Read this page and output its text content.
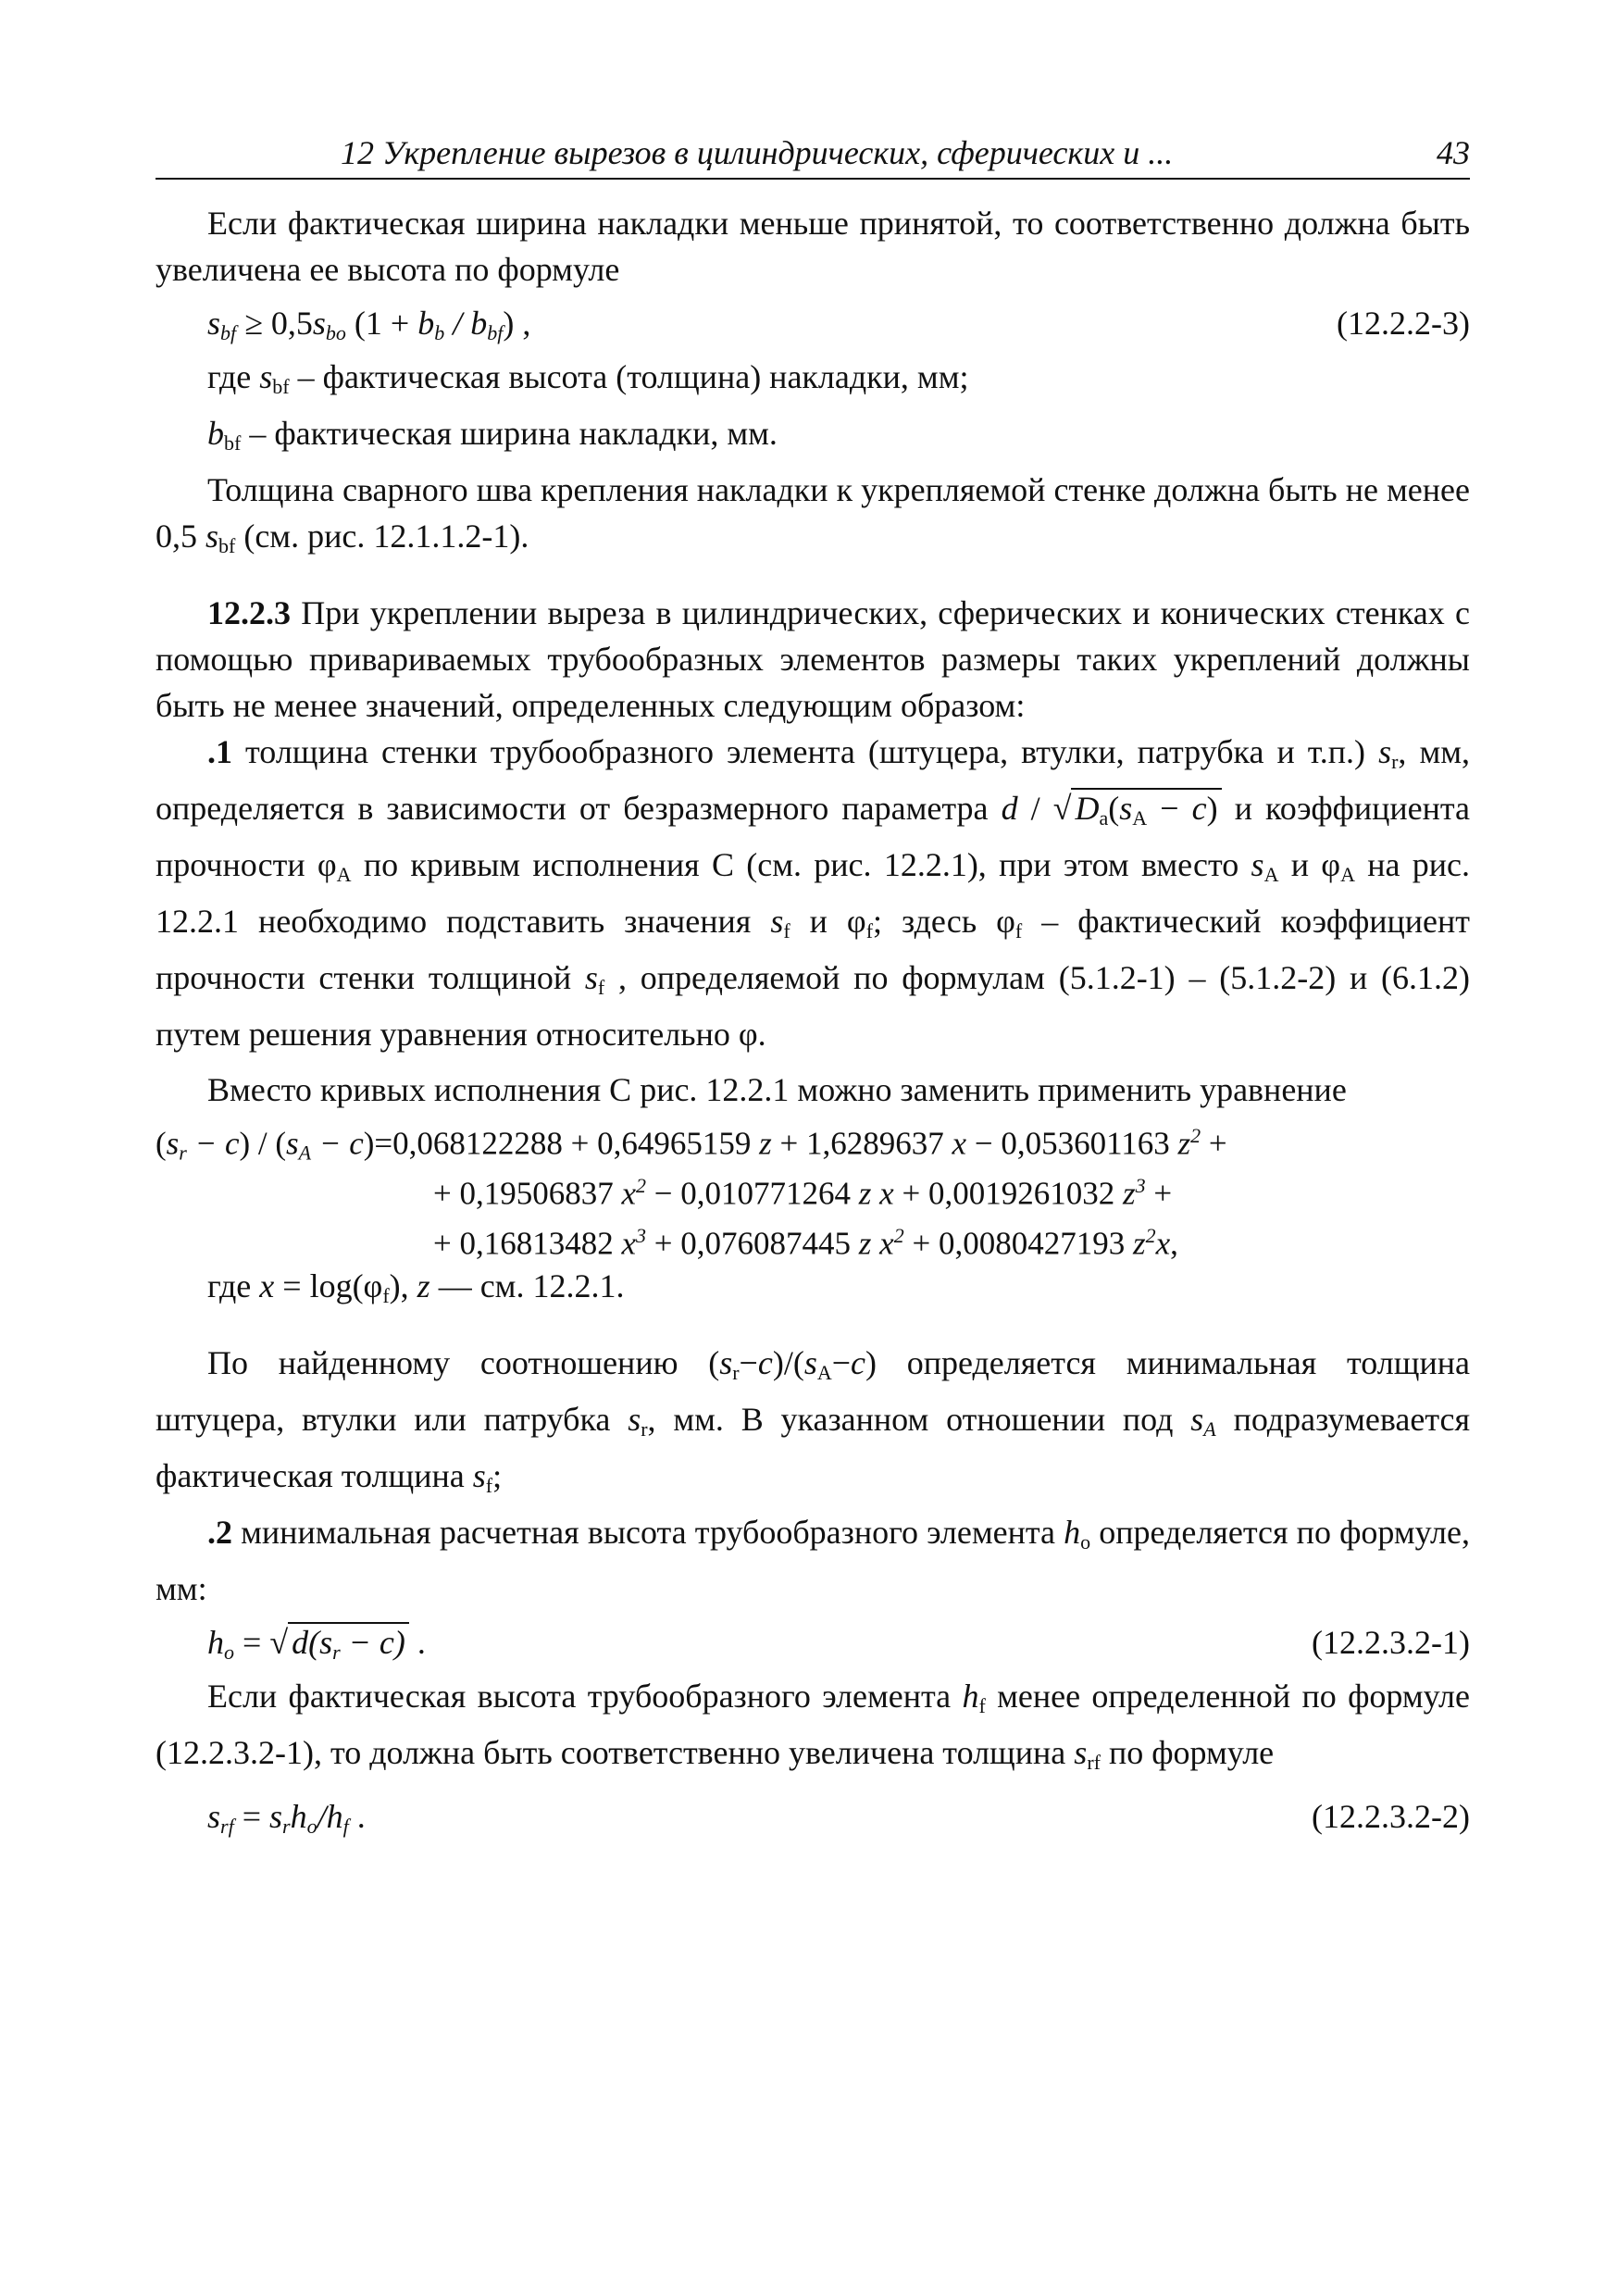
12 Укрепление вырезов в цилиндрических, сферических и ...	43

Если фактическая ширина накладки меньше принятой, то соответственно должна быть увеличена ее высота по формуле

$s_{bf} \ge 0,5s_{bo}$ $(1 + b_b / b_{bf})$ ,	(12.2.2-3)

где $s_{bf}$ – фактическая высота (толщина) накладки, мм;

$b_{bf}$ – фактическая ширина накладки, мм.

Толщина сварного шва крепления накладки к укрепляемой стенке должна быть не менее 0,5 $s_{bf}$ (см. рис. 12.1.1.2-1).

12.2.3 При укреплении выреза в цилиндрических, сферических и конических стенках с помощью привариваемых трубообразных элементов размеры таких укреплений должны быть не менее значений, определенных следующим образом:

.1 толщина стенки трубообразного элемента (штуцера, втулки, патрубка и т.п.) $s_r$, мм, определяется в зависимости от безразмерного параметра d / √ $D_a(s_A - c)$ и коэффициента прочности $\varphi_A$ по кривым исполнения C (см. рис. 12.2.1), при этом вместо $s_A$ и $\varphi_A$ на рис. 12.2.1 необходимо подставить значения $s_f$ и $\varphi_f$; здесь $\varphi_f$ – фактический коэффициент прочности стенки толщиной $s_f$ , определяемой по формулам (5.1.2-1) – (5.1.2-2) и (6.1.2) путем решения уравнения относительно φ.

Вместо кривых исполнения C рис. 12.2.1 можно заменить применить уравнение

$(s_r - c) / (s_A - c)=0,068122288 + 0,64965159$ z + 1,6289637 x − 0,053601163 $z^2$ +
+ 0,19506837 $x^2 - 0,010771264$ z x + 0,0019261032 $z^3$ +
+ 0,16813482 $x^3 + 0,076087445$ z $x^2 + 0,0080427193$ $z^2x$,

где $x = \log(\varphi_f)$, z — см. 12.2.1.

По найденному соотношению $(s_r-c)/(s_A-c)$ определяется минимальная толщина штуцера, втулки или патрубка $s_r$, мм. В указанном отношении под $s_A$ подразумевается фактическая толщина $s_f$;

.2 минимальная расчетная высота трубообразного элемента $h_o$ определяется по формуле, мм:

$h_o$ = √ $d(s_r - c)$ .	(12.2.3.2-1)

Если фактическая высота трубообразного элемента $h_f$ менее определенной по формуле (12.2.3.2-1), то должна быть соответственно увеличена толщина $s_{rf}$ по формуле

$s_{rf} = s_rh_o/h_f$ .	(12.2.3.2-2)
